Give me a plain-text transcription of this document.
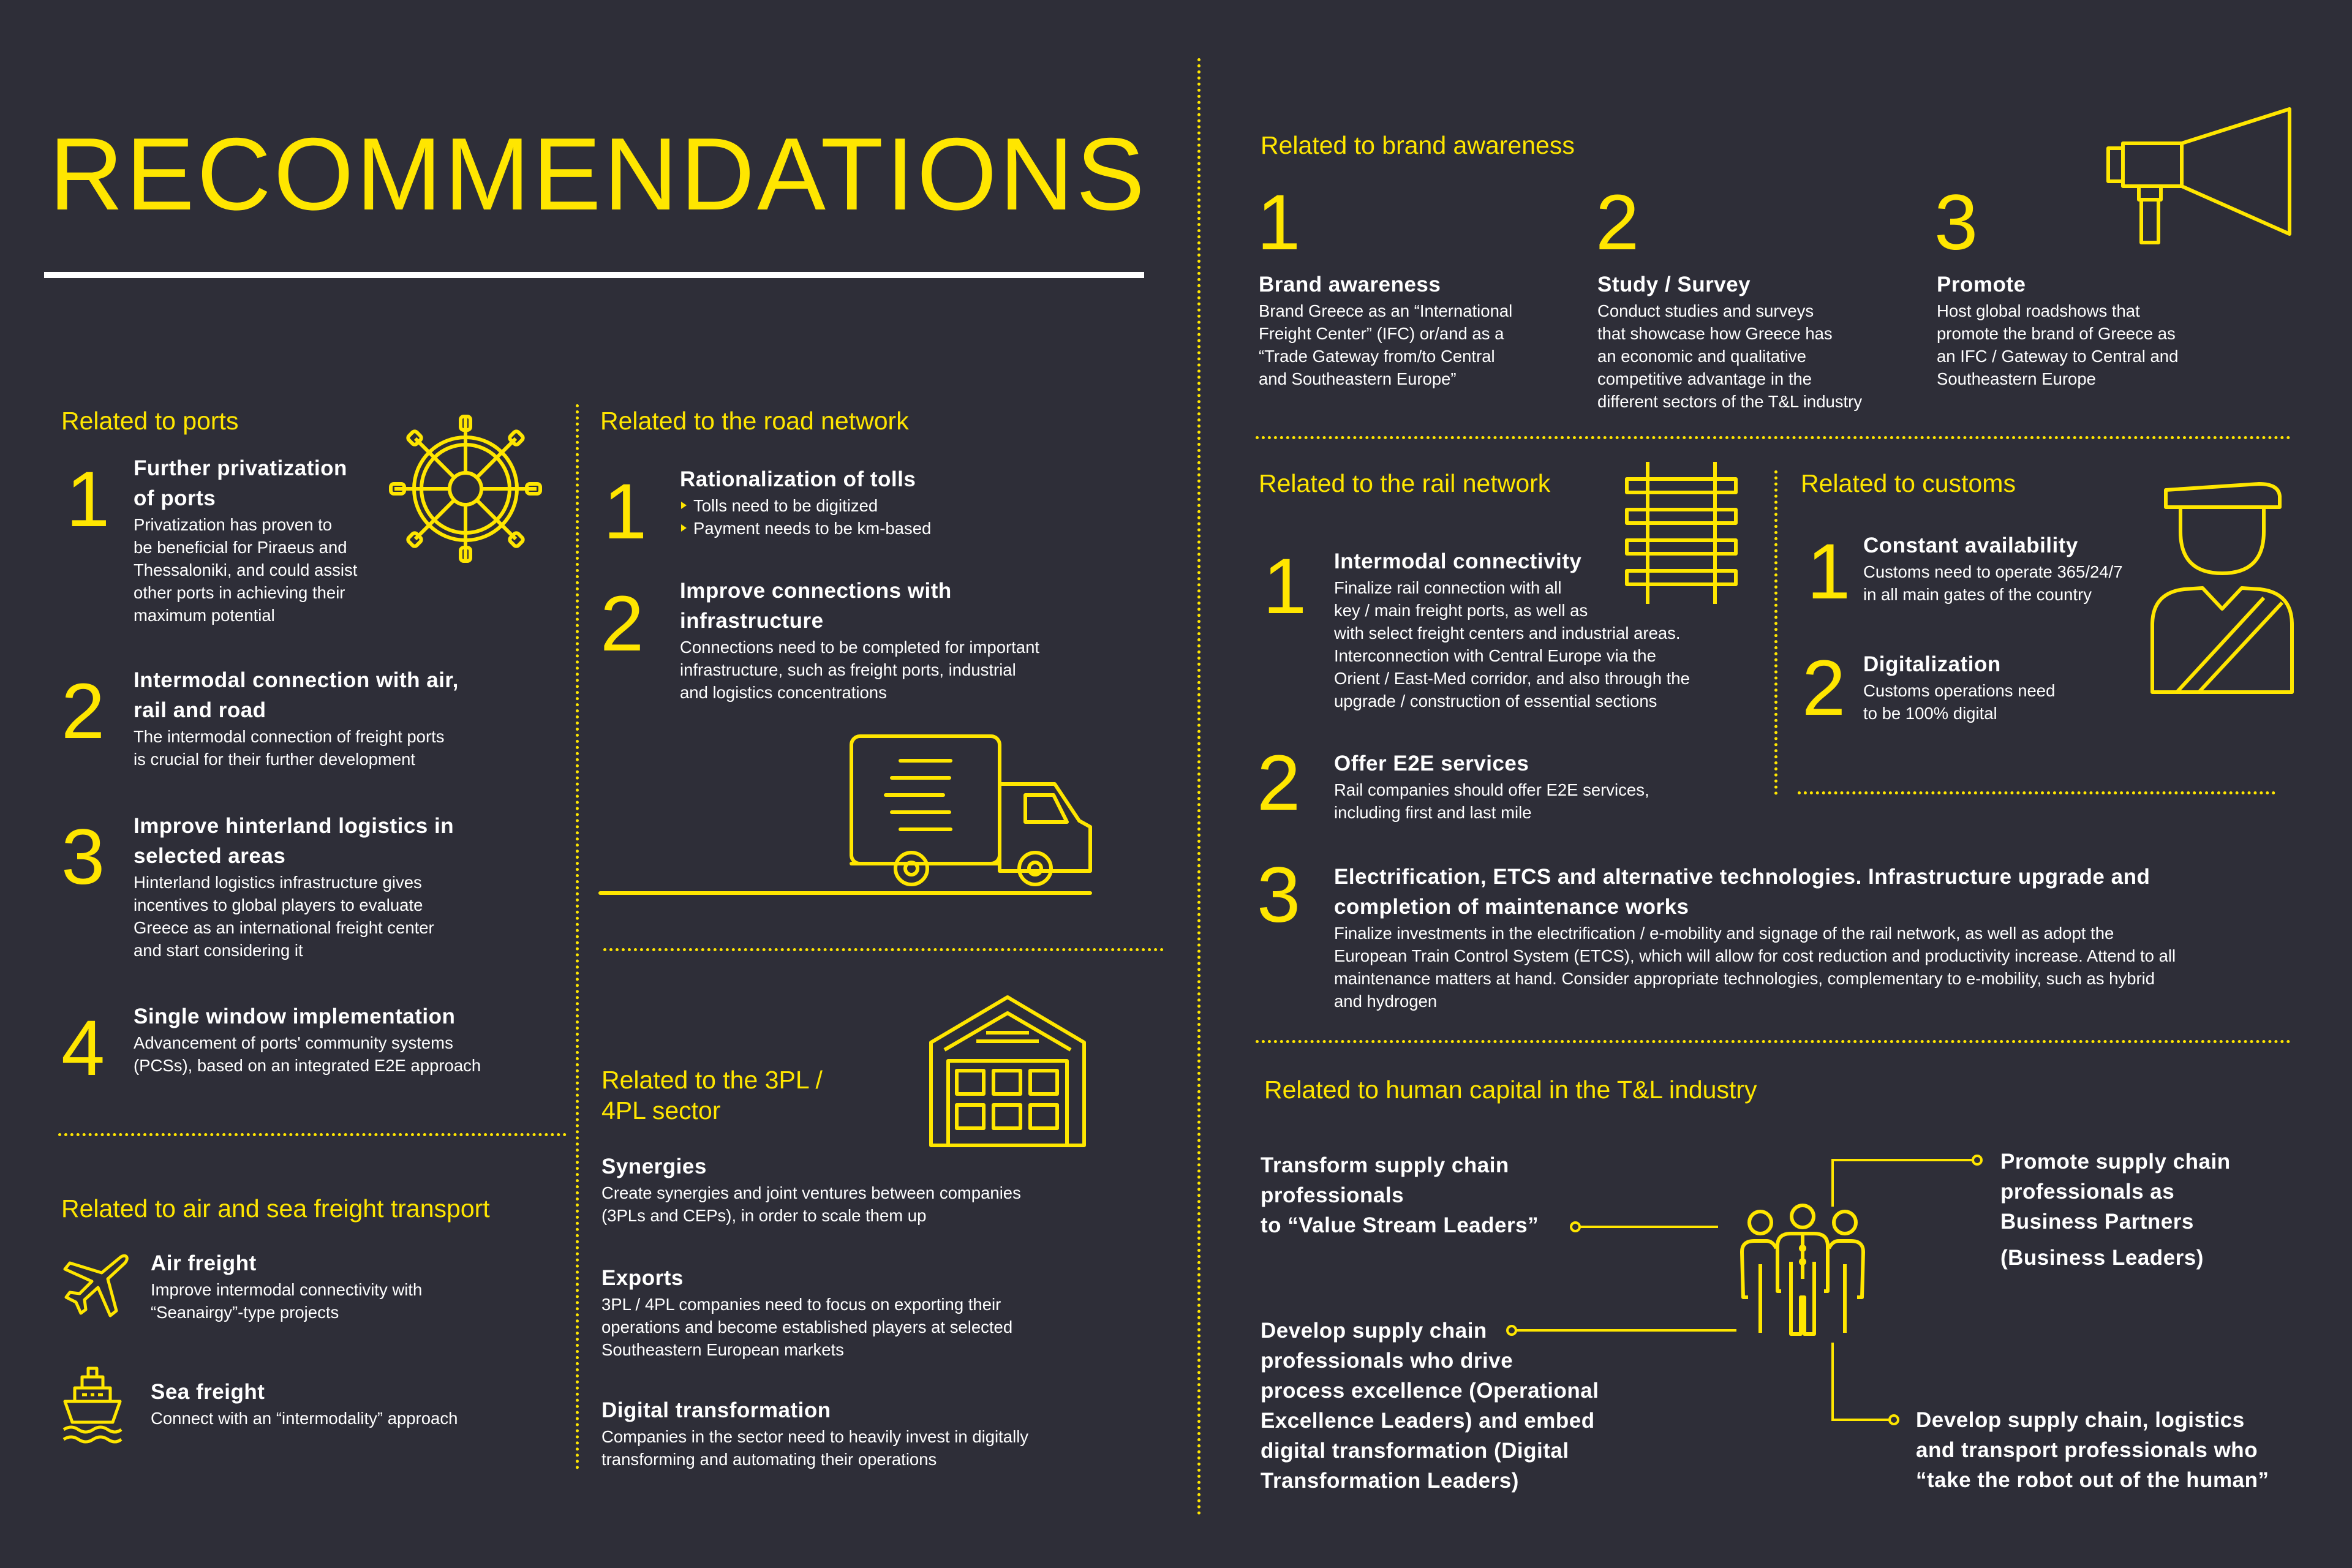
RECOMMENDATIONS
Related to ports
1 Further privatization
of ports
Privatization has proven to
be beneficial for Piraeus and
Thessaloniki, and could assist
other ports in achieving their
maximum potential
2 Intermodal connection with air,
rail and road
The intermodal connection of freight ports
is crucial for their further development
3 Improve hinterland logistics in
selected areas
Hinterland logistics infrastructure gives
incentives to global players to evaluate
Greece as an international freight center
and start considering it
4 Single window implementation
Advancement of ports' community systems
(PCSs), based on an integrated E2E approach
Related to air and sea freight transport
Air freight
Improve intermodal connectivity with
“Seanairgy”-type projects
Sea freight
Connect with an “intermodality” approach
Related to the road network
1 Rationalization of tolls
Tolls need to be digitized
Payment needs to be km-based
2 Improve connections with
infrastructure
Connections need to be completed for important
infrastructure, such as freight ports, industrial
and logistics concentrations
Related to the 3PL /
4PL sector
Synergies
Create synergies and joint ventures between companies
(3PLs and CEPs), in order to scale them up
Exports
3PL / 4PL companies need to focus on exporting their
operations and become established players at selected
Southeastern European markets
Digital transformation
Companies in the sector need to heavily invest in digitally
transforming and automating their operations
Related to brand awareness
1
Brand awareness
Brand Greece as an “International
Freight Center” (IFC) or/and as a
“Trade Gateway from/to Central
and Southeastern Europe”
2
Study / Survey
Conduct studies and surveys
that showcase how Greece has
an economic and qualitative
competitive advantage in the
different sectors of the T&L industry
3
Promote
Host global roadshows that
promote the brand of Greece as
an IFC / Gateway to Central and
Southeastern Europe
Related to the rail network
1 Intermodal connectivity
Finalize rail connection with all
key / main freight ports, as well as
with select freight centers and industrial areas.
Interconnection with Central Europe via the
Orient / East-Med corridor, and also through the
upgrade / construction of essential sections
2 Offer E2E services
Rail companies should offer E2E services,
including first and last mile
3 Electrification, ETCS and alternative technologies. Infrastructure upgrade and
completion of maintenance works
Finalize investments in the electrification / e-mobility and signage of the rail network, as well as adopt the
European Train Control System (ETCS), which will allow for cost reduction and productivity increase. Attend to all
maintenance matters at hand. Consider appropriate technologies, complementary to e-mobility, such as hybrid
and hydrogen
Related to customs
1 Constant availability
Customs need to operate 365/24/7
in all main gates of the country
2 Digitalization
Customs operations need
to be 100% digital
Related to human capital in the T&L industry
Transform supply chain
professionals
to “Value Stream Leaders”
Develop supply chain
professionals who drive
process excellence (Operational
Excellence Leaders) and embed
digital transformation (Digital
Transformation Leaders)
Promote supply chain
professionals as
Business Partners
(Business Leaders)
Develop supply chain, logistics
and transport professionals who
“take the robot out of the human”
